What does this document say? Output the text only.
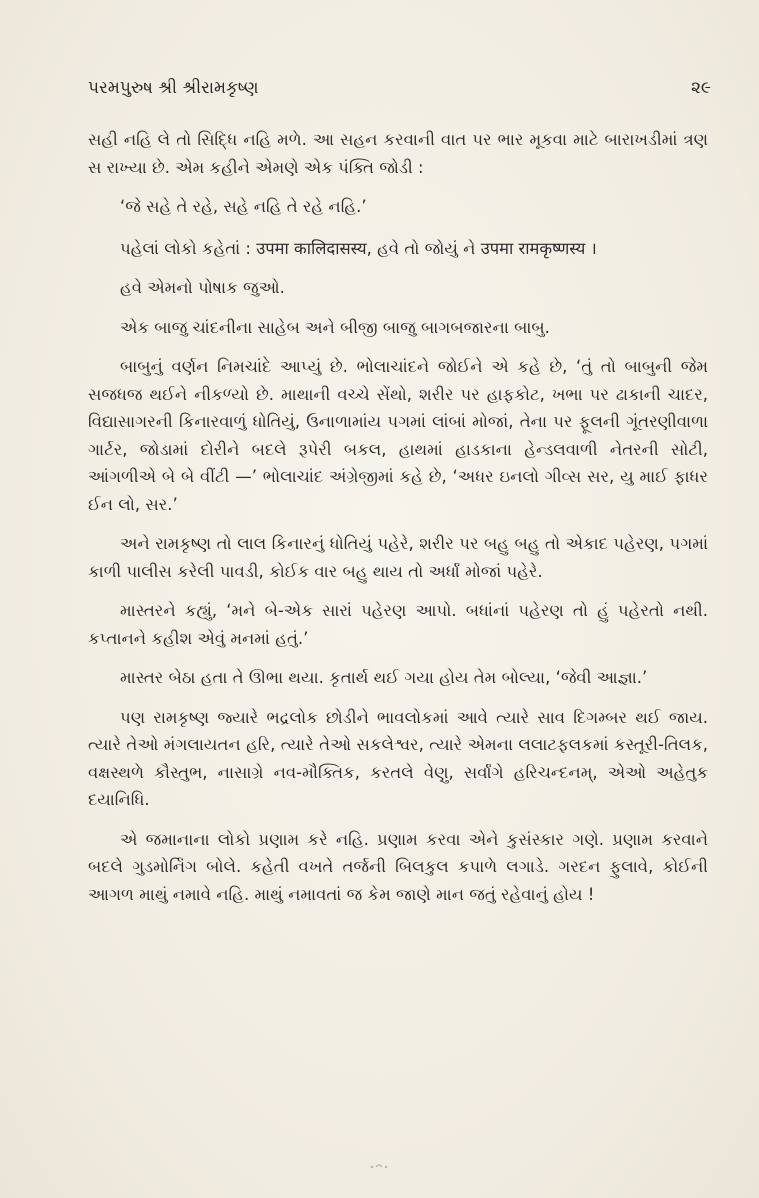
પરમપુરુષ શ્રી શ્રીરામકૃષ્ણ	૨૯

સહી નહિ લે તો સિદ્ધિ નહિ મળે. આ સહન કરવાની વાત પર ભાર મૂકવા માટે બારાખડીમાં ત્રણ સ રાખ્યા છે. એમ કહીને એમણે એક પંક્તિ જોડી :

‘જે સહે તે રહે, સહે નહિ તે રહે નહિ.’

પહેલાં લોકો કહેતાં : उपमा कालिदासस्य, હવે તો જોયું ને उपमा रामकृष्णस्य ।

હવે એમનો પોષાક જુઓ.

એક બાજુ ચાંદનીના સાહેબ અને બીજી બાજુ બાગબજારના બાબુ.

બાબુનું વર્ણન નિમચાંદે આપ્યું છે. ભોલાચાંદને જોઈને એ કહે છે, ‘તું તો બાબુની જેમ સજધજ થઈને નીકળ્યો છે. માથાની વચ્ચે સેંથો, શરીર પર હાફકોટ, ખભા પર ઢાકાની ચાદર, વિદ્યાસાગરની કિનારવાળું ધોતિયું, ઉનાળામાંય પગમાં લાંબાં મોજાં, તેના પર ફૂલની ગૂંતરણીવાળા ગાર્ટર, જોડામાં દોરીને બદલે રૂપેરી બકલ, હાથમાં હાડકાના હેન્ડલવાળી નેતરની સોટી, આંગળીએ બે બે વીંટી —’ ભોલાચાંદ અંગ્રેજીમાં કહે છે, ‘અધર ઇનલો ગીવ્સ સર, યુ માઈ ફાધર ઈન લો, સર.’

અને રામકૃષ્ણ તો લાલ કિનારનું ધોતિયું પહેરે, શરીર પર બહુ બહુ તો એકાદ પહેરણ, પગમાં કાળી પાલીસ કરેલી પાવડી, કોઈક વાર બહુ થાય તો અર્ધાં મોજાં પહેરે.

માસ્તરને કહ્યું, ‘મને બે-એક સારાં પહેરણ આપો. બધાંનાં પહેરણ તો હું પહેરતો નથી. કપ્તાનને કહીશ એવું મનમાં હતું.’

માસ્તર બેઠા હતા તે ઊભા થયા. કૃતાર્થ થઈ ગયા હોય તેમ બોલ્યા, ‘જેવી આજ્ઞા.’

પણ રામકૃષ્ણ જ્યારે ભદ્રલોક છોડીને ભાવલોકમાં આવે ત્યારે સાવ દિગમ્બર થઈ જાય. ત્યારે તેઓ મંગલાયતન હરિ, ત્યારે તેઓ સકલેશ્વર, ત્યારે એમના લલાટફલકમાં કસ્તૂરી-તિલક, વક્ષસ્થળે કૌસ્તુભ, નાસાગ્રે નવ-મૌક્તિક, કરતલે વેણુ, સર્વાંગે હરિચન્દનમ્, એઓ અહેતુક દયાનિધિ.

એ જમાનાના લોકો પ્રણામ કરે નહિ. પ્રણામ કરવા એને કુસંસ્કાર ગણે. પ્રણામ કરવાને બદલે ગુડમોર્નિંગ બોલે. કહેતી વખતે તર્જની બિલકુલ કપાળે લગાડે. ગરદન ફુલાવે, કોઈની આગળ માથું નમાવે નહિ. માથું નમાવતાં જ કેમ જાણે માન જતું રહેવાનું હોય !
